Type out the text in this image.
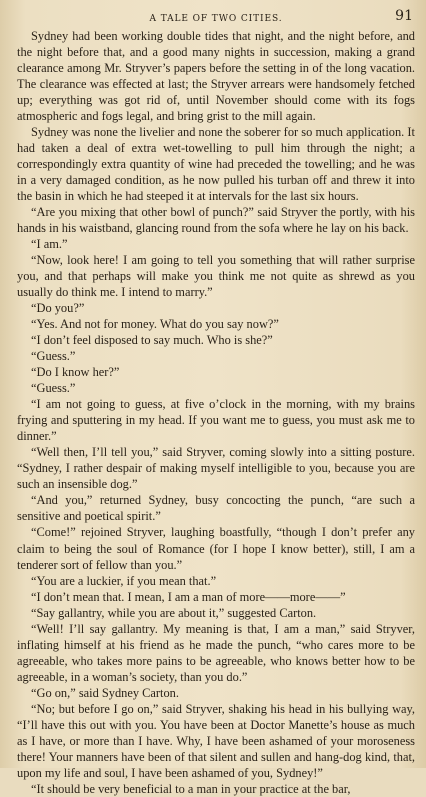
A TALE OF TWO CITIES.	91

Sydney had been working double tides that night, and the night before, and the night before that, and a good many nights in succession, making a grand clearance among Mr. Stryver’s papers before the setting in of the long vacation. The clearance was effected at last; the Stryver arrears were handsomely fetched up; everything was got rid of, until November should come with its fogs atmospheric and fogs legal, and bring grist to the mill again.

Sydney was none the livelier and none the soberer for so much application. It had taken a deal of extra wet-towelling to pull him through the night; a correspondingly extra quantity of wine had preceded the towelling; and he was in a very damaged condition, as he now pulled his turban off and threw it into the basin in which he had steeped it at intervals for the last six hours.

“Are you mixing that other bowl of punch?” said Stryver the portly, with his hands in his waistband, glancing round from the sofa where he lay on his back.

“I am.”

“Now, look here! I am going to tell you something that will rather surprise you, and that perhaps will make you think me not quite as shrewd as you usually do think me. I intend to marry.”

“Do you?”

“Yes. And not for money. What do you say now?”

“I don’t feel disposed to say much. Who is she?”

“Guess.”

“Do I know her?”

“Guess.”

“I am not going to guess, at five o’clock in the morning, with my brains frying and sputtering in my head. If you want me to guess, you must ask me to dinner.”

“Well then, I’ll tell you,” said Stryver, coming slowly into a sitting posture. “Sydney, I rather despair of making myself intelligible to you, because you are such an insensible dog.”

“And you,” returned Sydney, busy concocting the punch, “are such a sensitive and poetical spirit.”

“Come!” rejoined Stryver, laughing boastfully, “though I don’t prefer any claim to being the soul of Romance (for I hope I know better), still, I am a tenderer sort of fellow than you.”

“You are a luckier, if you mean that.”

“I don’t mean that. I mean, I am a man of more——more——”

“Say gallantry, while you are about it,” suggested Carton.

“Well! I’ll say gallantry. My meaning is that, I am a man,” said Stryver, inflating himself at his friend as he made the punch, “who cares more to be agreeable, who takes more pains to be agreeable, who knows better how to be agreeable, in a woman’s society, than you do.”

“Go on,” said Sydney Carton.

“No; but before I go on,” said Stryver, shaking his head in his bullying way, “I’ll have this out with you. You have been at Doctor Manette’s house as much as I have, or more than I have. Why, I have been ashamed of your moroseness there! Your manners have been of that silent and sullen and hang-dog kind, that, upon my life and soul, I have been ashamed of you, Sydney!”

“It should be very beneficial to a man in your practice at the bar,
